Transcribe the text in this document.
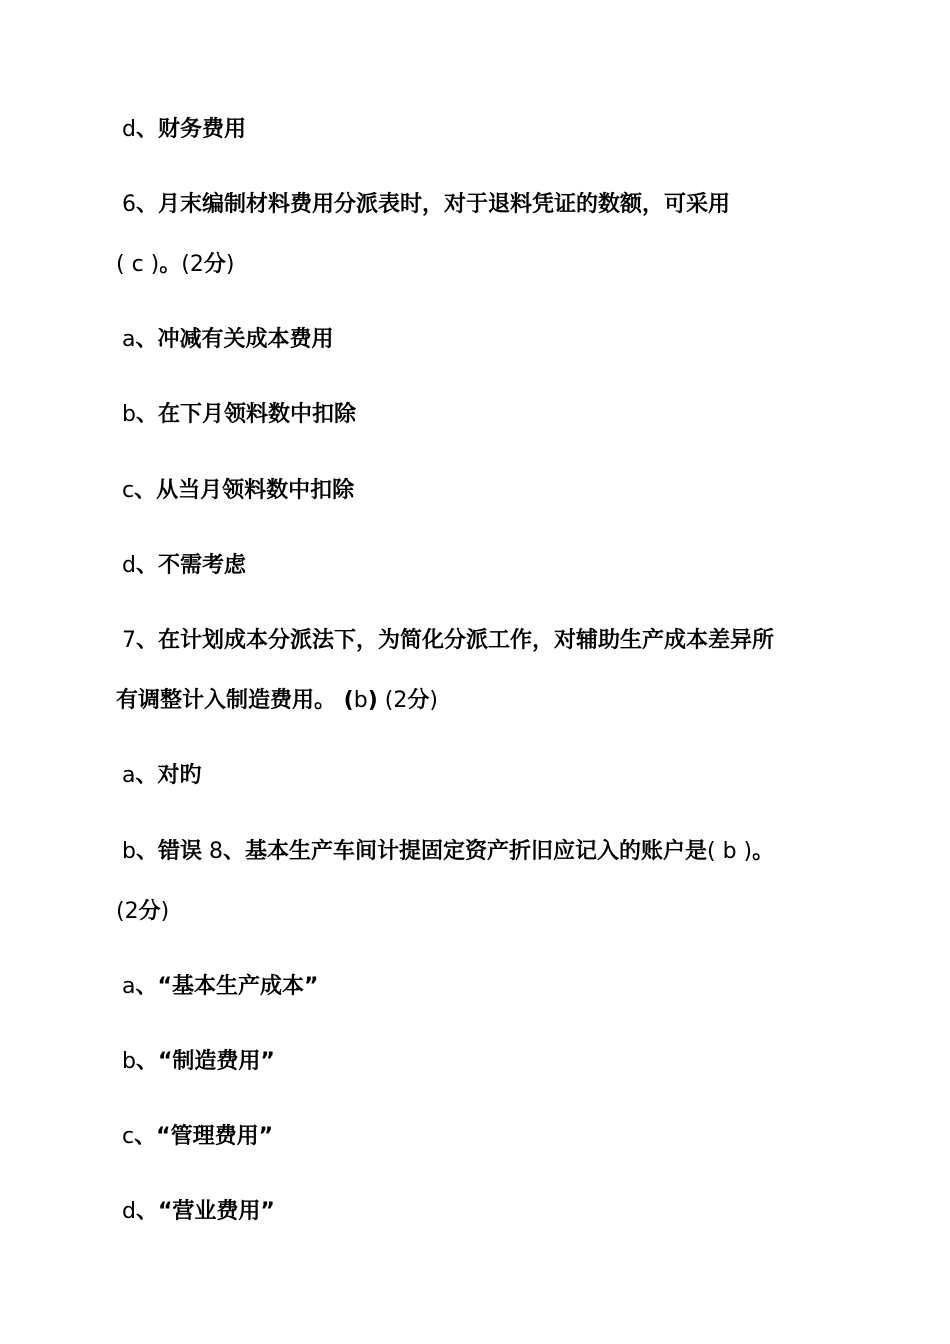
d、财务费用
6、月末编制材料费用分派表时，对于退料凭证的数额，可采用
( c )。(2分)
a、冲减有关成本费用
b、在下月领料数中扣除
c、从当月领料数中扣除
d、不需考虑
7、在计划成本分派法下，为简化分派工作，对辅助生产成本差异所
有调整计入制造费用。 (b) (2分)
a、对旳
b、错误 8、基本生产车间计提固定资产折旧应记入的账户是( b )。
(2分)
a、“基本生产成本”
b、“制造费用”
c、“管理费用”
d、“营业费用”
